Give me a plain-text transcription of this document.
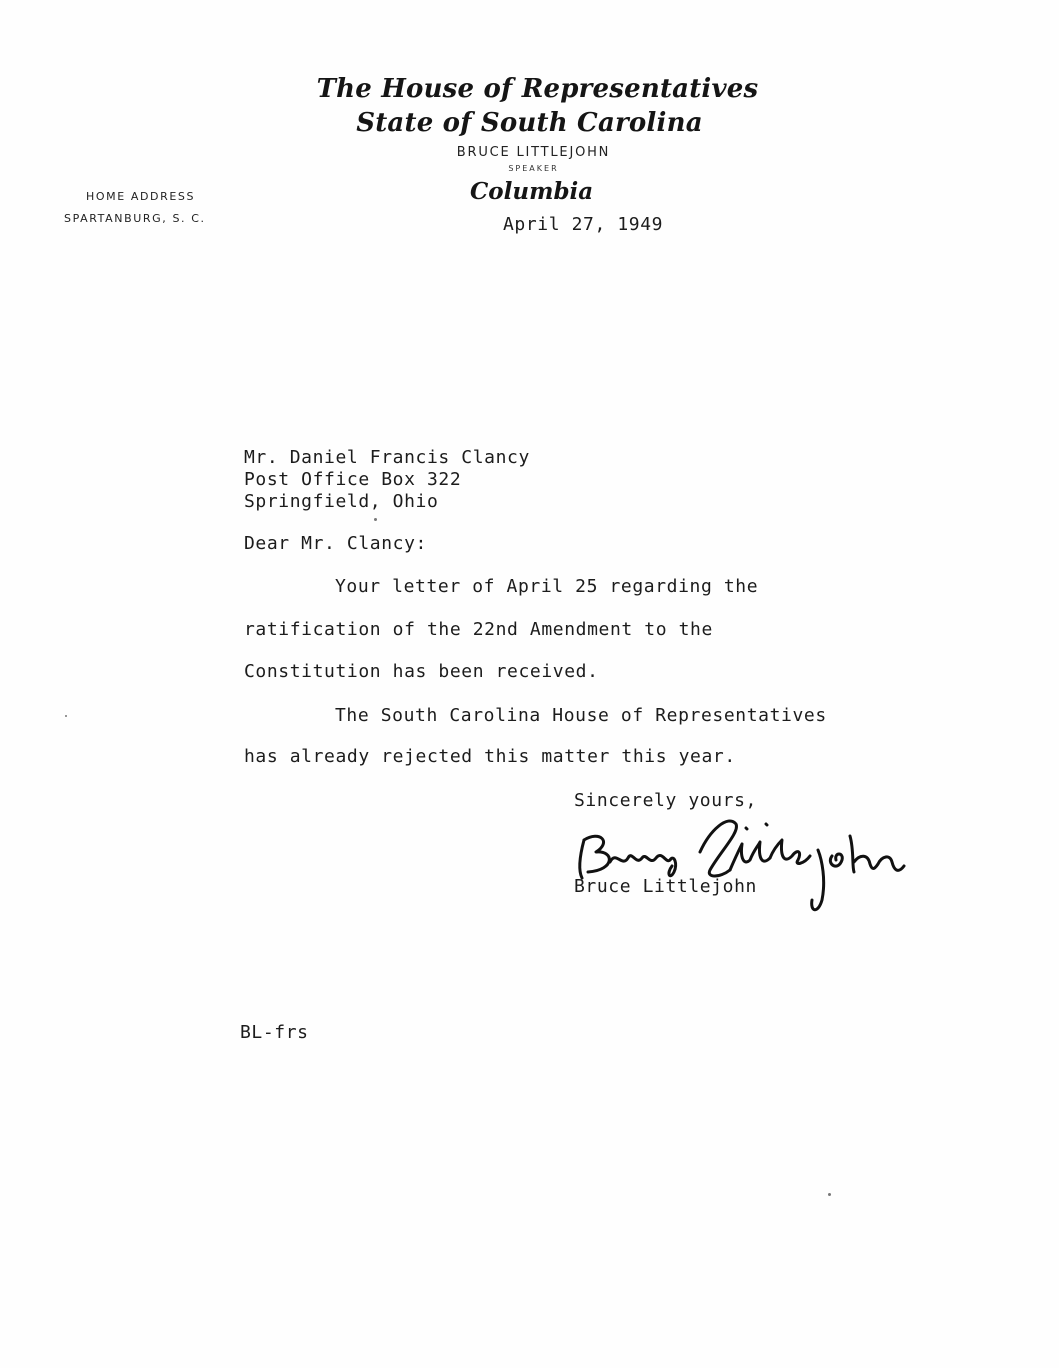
The House of Representatives
State of South Carolina
BRUCE LITTLEJOHN
SPEAKER
Columbia
HOME ADDRESS
SPARTANBURG, S. C.	April 27, 1949
Mr. Daniel Francis Clancy
Post Office Box 322
Springfield, Ohio
Dear Mr. Clancy:
Your letter of April 25 regarding the
ratification of the 22nd Amendment to the
Constitution has been received.
The South Carolina House of Representatives
has already rejected this matter this year.
Sincerely yours,
Bruce Littlejohn
BL-frs
